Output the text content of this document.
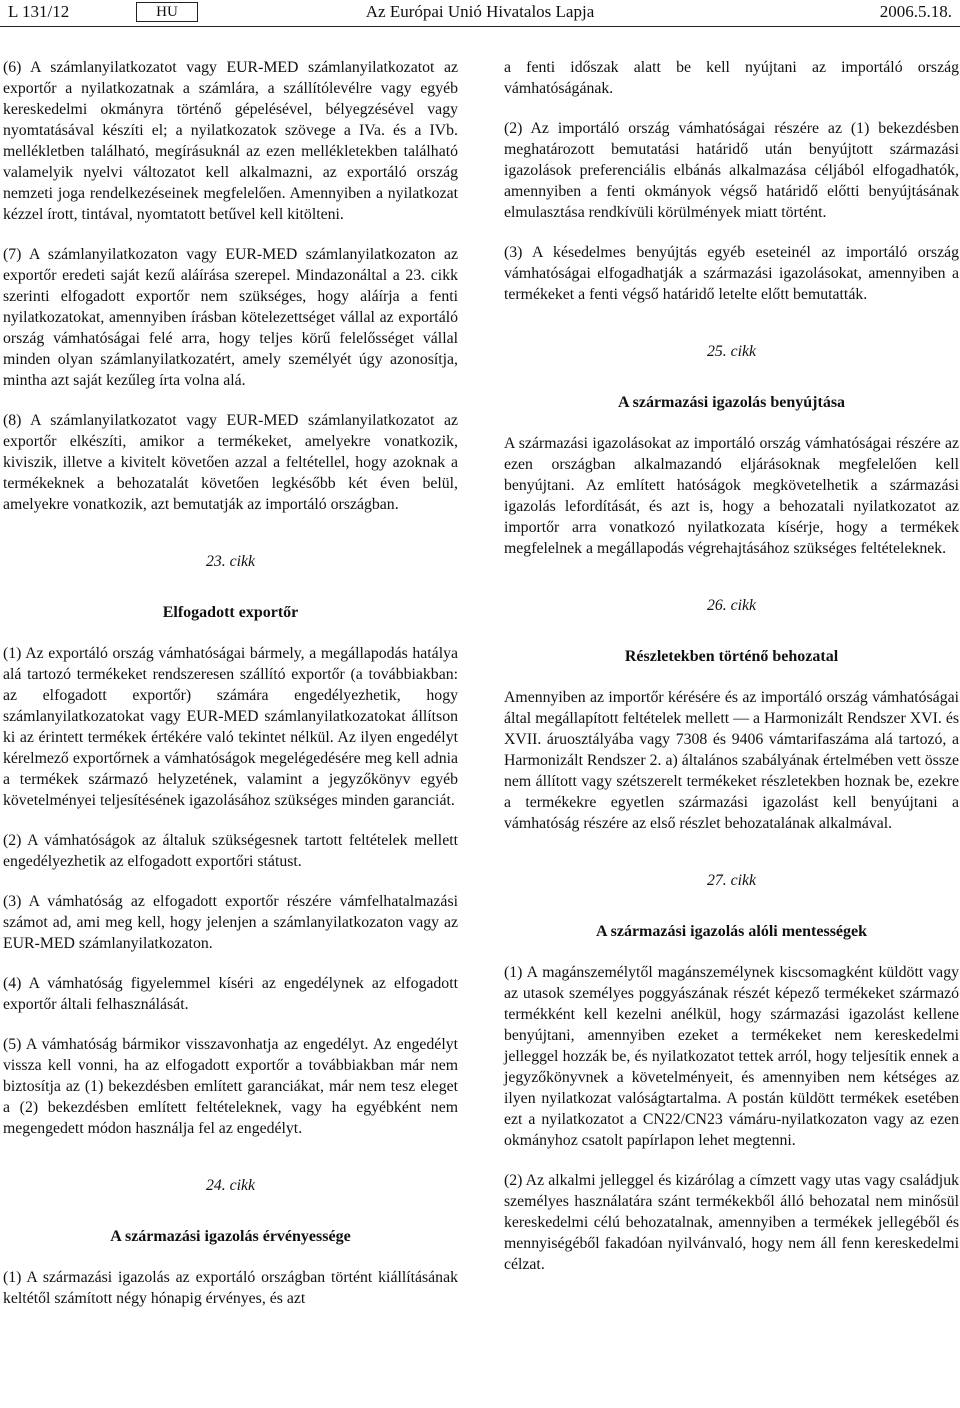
L 131/12	HU	Az Európai Unió Hivatalos Lapja	2006.5.18.

(6) A számlanyilatkozatot vagy EUR-MED számlanyilatkozatot az exportőr a nyilatkozatnak a számlára, a szállítólevélre vagy egyéb kereskedelmi okmányra történő gépelésével, bélyegzésével vagy nyomtatásával készíti el; a nyilatkozatok szövege a IVa. és a IVb. mellékletben található, megírásuknál az ezen mellékletekben található valamelyik nyelvi változatot kell alkalmazni, az exportáló ország nemzeti joga rendelkezéseinek megfelelően. Amennyiben a nyilatkozat kézzel írott, tintával, nyomtatott betűvel kell kitölteni.

(7) A számlanyilatkozaton vagy EUR-MED számlanyilatkozaton az exportőr eredeti saját kezű aláírása szerepel. Mindazonáltal a 23. cikk szerinti elfogadott exportőr nem szükséges, hogy aláírja a fenti nyilatkozatokat, amennyiben írásban kötelezettséget vállal az exportáló ország vámhatóságai felé arra, hogy teljes körű felelősséget vállal minden olyan számlanyilatkozatért, amely személyét úgy azonosítja, mintha azt saját kezűleg írta volna alá.

(8) A számlanyilatkozatot vagy EUR-MED számlanyilatkozatot az exportőr elkészíti, amikor a termékeket, amelyekre vonatkozik, kiviszik, illetve a kivitelt követően azzal a feltétellel, hogy azoknak a termékeknek a behozatalát követően legkésőbb két éven belül, amelyekre vonatkozik, azt bemutatják az importáló országban.

23. cikk

Elfogadott exportőr

(1) Az exportáló ország vámhatóságai bármely, a megállapodás hatálya alá tartozó termékeket rendszeresen szállító exportőr (a továbbiakban: az elfogadott exportőr) számára engedélyezhetik, hogy számlanyilatkozatokat vagy EUR-MED számlanyilatkozatokat állítson ki az érintett termékek értékére való tekintet nélkül. Az ilyen engedélyt kérelmező exportőrnek a vámhatóságok megelégedésére meg kell adnia a termékek származó helyzetének, valamint a jegyzőkönyv egyéb követelményei teljesítésének igazolásához szükséges minden garanciát.

(2) A vámhatóságok az általuk szükségesnek tartott feltételek mellett engedélyezhetik az elfogadott exportőri státust.

(3) A vámhatóság az elfogadott exportőr részére vámfelhatalmazási számot ad, ami meg kell, hogy jelenjen a számlanyilatkozaton vagy az EUR-MED számlanyilatkozaton.

(4) A vámhatóság figyelemmel kíséri az engedélynek az elfogadott exportőr általi felhasználását.

(5) A vámhatóság bármikor visszavonhatja az engedélyt. Az engedélyt vissza kell vonni, ha az elfogadott exportőr a továbbiakban már nem biztosítja az (1) bekezdésben említett garanciákat, már nem tesz eleget a (2) bekezdésben említett feltételeknek, vagy ha egyébként nem megengedett módon használja fel az engedélyt.

24. cikk

A származási igazolás érvényessége

(1) A származási igazolás az exportáló országban történt kiállításának keltétől számított négy hónapig érvényes, és azt

a fenti időszak alatt be kell nyújtani az importáló ország vámhatóságának.

(2) Az importáló ország vámhatóságai részére az (1) bekezdésben meghatározott bemutatási határidő után benyújtott származási igazolások preferenciális elbánás alkalmazása céljából elfogadhatók, amennyiben a fenti okmányok végső határidő előtti benyújtásának elmulasztása rendkívüli körülmények miatt történt.

(3) A késedelmes benyújtás egyéb eseteinél az importáló ország vámhatóságai elfogadhatják a származási igazolásokat, amennyiben a termékeket a fenti végső határidő letelte előtt bemutatták.

25. cikk

A származási igazolás benyújtása

A származási igazolásokat az importáló ország vámhatóságai részére az ezen országban alkalmazandó eljárásoknak megfelelően kell benyújtani. Az említett hatóságok megkövetelhetik a származási igazolás lefordítását, és azt is, hogy a behozatali nyilatkozatot az importőr arra vonatkozó nyilatkozata kísérje, hogy a termékek megfelelnek a megállapodás végrehajtásához szükséges feltételeknek.

26. cikk

Részletekben történő behozatal

Amennyiben az importőr kérésére és az importáló ország vámhatóságai által megállapított feltételek mellett — a Harmonizált Rendszer XVI. és XVII. áruosztályába vagy 7308 és 9406 vámtarifaszáma alá tartozó, a Harmonizált Rendszer 2. a) általános szabályának értelmében vett össze nem állított vagy szétszerelt termékeket részletekben hoznak be, ezekre a termékekre egyetlen származási igazolást kell benyújtani a vámhatóság részére az első részlet behozatalának alkalmával.

27. cikk

A származási igazolás alóli mentességek

(1) A magánszemélytől magánszemélynek kiscsomagként küldött vagy az utasok személyes poggyászának részét képező termékeket származó termékként kell kezelni anélkül, hogy származási igazolást kellene benyújtani, amennyiben ezeket a termékeket nem kereskedelmi jelleggel hozzák be, és nyilatkozatot tettek arról, hogy teljesítik ennek a jegyzőkönyvnek a követelményeit, és amennyiben nem kétséges az ilyen nyilatkozat valóságtartalma. A postán küldött termékek esetében ezt a nyilatkozatot a CN22/CN23 vámáru-nyilatkozaton vagy az ezen okmányhoz csatolt papírlapon lehet megtenni.

(2) Az alkalmi jelleggel és kizárólag a címzett vagy utas vagy családjuk személyes használatára szánt termékekből álló behozatal nem minősül kereskedelmi célú behozatalnak, amennyiben a termékek jellegéből és mennyiségéből fakadóan nyilvánvaló, hogy nem áll fenn kereskedelmi célzat.
